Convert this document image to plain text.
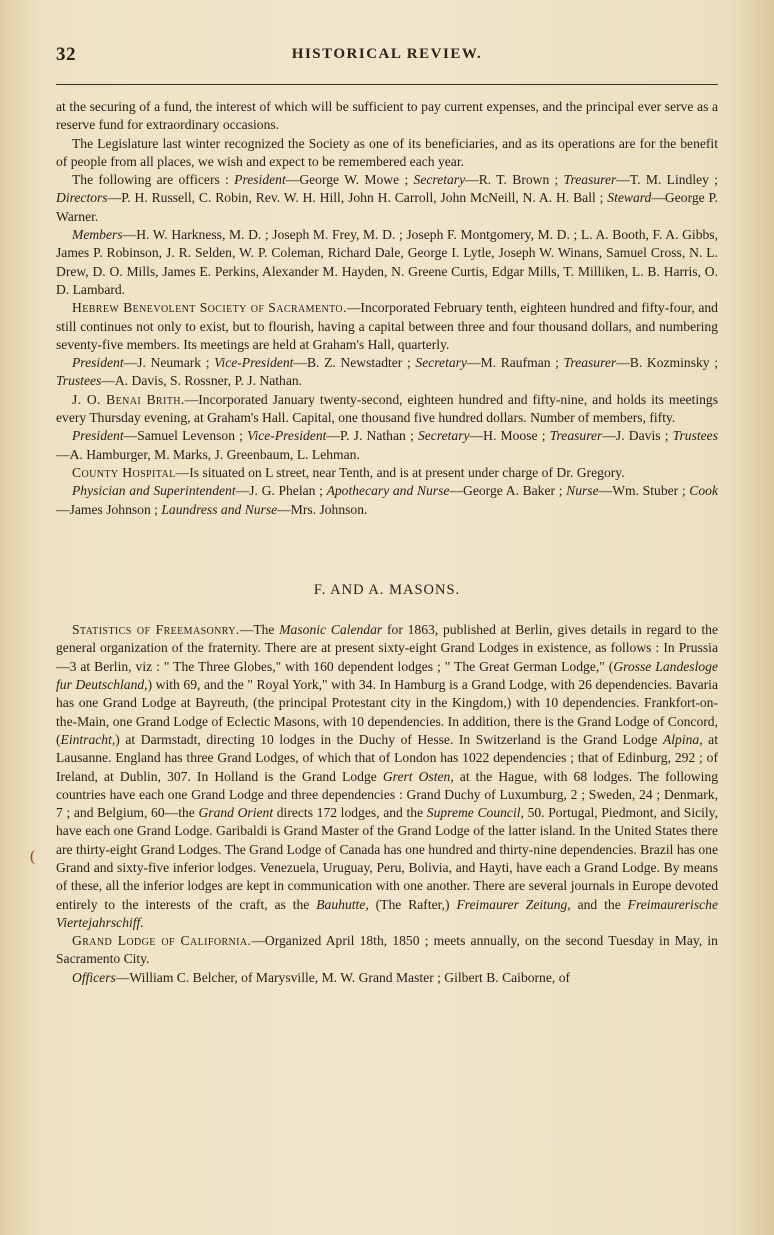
32	HISTORICAL REVIEW.
(

at the securing of a fund, the interest of which will be sufficient to pay current expenses, and the principal ever serve as a reserve fund for extraordinary occasions.

The Legislature last winter recognized the Society as one of its beneficiaries, and as its operations are for the benefit of people from all places, we wish and expect to be remembered each year.

The following are officers : President—George W. Mowe ; Secretary—R. T. Brown ; Treasurer—T. M. Lindley ; Directors—P. H. Russell, C. Robin, Rev. W. H. Hill, John H. Carroll, John McNeill, N. A. H. Ball ; Steward—George P. Warner.

Members—H. W. Harkness, M. D. ; Joseph M. Frey, M. D. ; Joseph F. Montgomery, M. D. ; L. A. Booth, F. A. Gibbs, James P. Robinson, J. R. Selden, W. P. Coleman, Richard Dale, George I. Lytle, Joseph W. Winans, Samuel Cross, N. L. Drew, D. O. Mills, James E. Perkins, Alexander M. Hayden, N. Greene Curtis, Edgar Mills, T. Milliken, L. B. Harris, O. D. Lambard.

Hebrew Benevolent Society of Sacramento.—Incorporated February tenth, eighteen hundred and fifty-four, and still continues not only to exist, but to flourish, having a capital between three and four thousand dollars, and numbering seventy-five members. Its meetings are held at Graham's Hall, quarterly.

President—J. Neumark ; Vice-President—B. Z. Newstadter ; Secretary—M. Raufman ; Treasurer—B. Kozminsky ; Trustees—A. Davis, S. Rossner, P. J. Nathan.

J. O. Benai Brith.—Incorporated January twenty-second, eighteen hundred and fifty-nine, and holds its meetings every Thursday evening, at Graham's Hall. Capital, one thousand five hundred dollars. Number of members, fifty.

President—Samuel Levenson ; Vice-President—P. J. Nathan ; Secretary—H. Moose ; Treasurer—J. Davis ; Trustees—A. Hamburger, M. Marks, J. Greenbaum, L. Lehman.

County Hospital—Is situated on L street, near Tenth, and is at present under charge of Dr. Gregory.

Physician and Superintendent—J. G. Phelan ; Apothecary and Nurse—George A. Baker ; Nurse—Wm. Stuber ; Cook—James Johnson ; Laundress and Nurse—Mrs. Johnson.

F. AND A. MASONS.

Statistics of Freemasonry.—The Masonic Calendar for 1863, published at Berlin, gives details in regard to the general organization of the fraternity. There are at present sixty-eight Grand Lodges in existence, as follows : In Prussia—3 at Berlin, viz : " The Three Globes," with 160 dependent lodges ; " The Great German Lodge," (Grosse Landesloge fur Deutschland,) with 69, and the " Royal York," with 34. In Hamburg is a Grand Lodge, with 26 dependencies. Bavaria has one Grand Lodge at Bayreuth, (the principal Protestant city in the Kingdom,) with 10 dependencies. Frankfort-on-the-Main, one Grand Lodge of Eclectic Masons, with 10 dependencies. In addition, there is the Grand Lodge of Concord, (Eintracht,) at Darmstadt, directing 10 lodges in the Duchy of Hesse. In Switzerland is the Grand Lodge Alpina, at Lausanne. England has three Grand Lodges, of which that of London has 1022 dependencies ; that of Edinburg, 292 ; of Ireland, at Dublin, 307. In Holland is the Grand Lodge Grert Osten, at the Hague, with 68 lodges. The following countries have each one Grand Lodge and three dependencies : Grand Duchy of Luxumburg, 2 ; Sweden, 24 ; Denmark, 7 ; and Belgium, 60—the Grand Orient directs 172 lodges, and the Supreme Council, 50. Portugal, Piedmont, and Sicily, have each one Grand Lodge. Garibaldi is Grand Master of the Grand Lodge of the latter island. In the United States there are thirty-eight Grand Lodges. The Grand Lodge of Canada has one hundred and thirty-nine dependencies. Brazil has one Grand and sixty-five inferior lodges. Venezuela, Uruguay, Peru, Bolivia, and Hayti, have each a Grand Lodge. By means of these, all the inferior lodges are kept in communication with one another. There are several journals in Europe devoted entirely to the interests of the craft, as the Bauhutte, (The Rafter,) Freimaurer Zeitung, and the Freimaurerische Viertejahrschiff.

Grand Lodge of California.—Organized April 18th, 1850 ; meets annually, on the second Tuesday in May, in Sacramento City.

Officers—William C. Belcher, of Marysville, M. W. Grand Master ; Gilbert B. Caiborne, of
